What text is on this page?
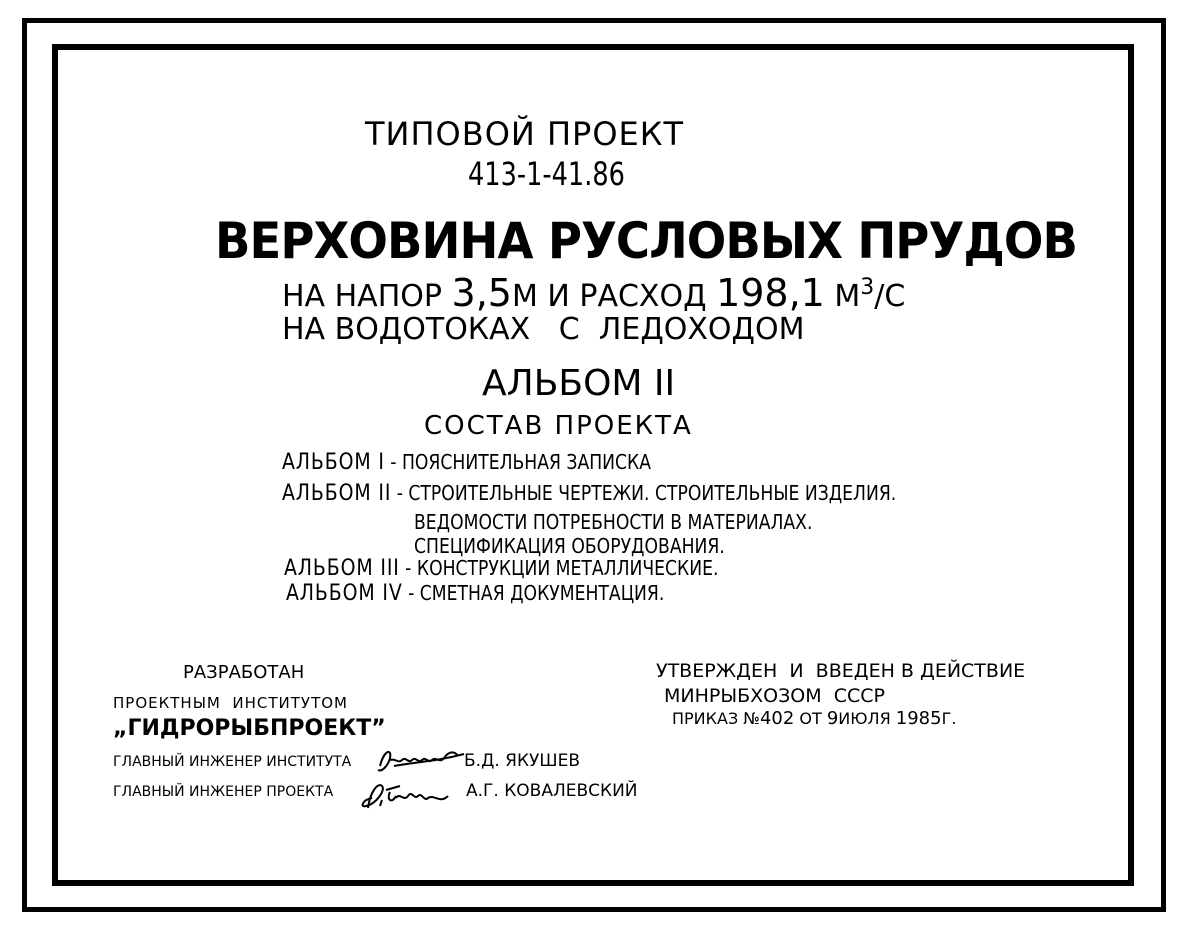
ТИПОВОЙ ПРОЕКТ
413-1-41.86
ВЕРХОВИНА РУСЛОВЫХ ПРУДОВ
НА НАПОР 3,5М И РАСХОД 198,1 $М^3/С$
НА ВОДОТОКАХ   С  ЛЕДОХОДОМ
АЛЬБОМ II
СОСТАВ ПРОЕКТА
АЛЬБОМ I - ПОЯСНИТЕЛЬНАЯ ЗАПИСКА
АЛЬБОМ II - СТРОИТЕЛЬНЫЕ ЧЕРТЕЖИ. СТРОИТЕЛЬНЫЕ ИЗДЕЛИЯ.
ВЕДОМОСТИ ПОТРЕБНОСТИ В МАТЕРИАЛАХ.
СПЕЦИФИКАЦИЯ ОБОРУДОВАНИЯ.
АЛЬБОМ III - КОНСТРУКЦИИ МЕТАЛЛИЧЕСКИЕ.
АЛЬБОМ IV - СМЕТНАЯ ДОКУМЕНТАЦИЯ.
РАЗРАБОТАН
ПРОЕКТНЫМ  ИНСТИТУТОМ
„ГИДРОРЫБПРОЕКТ”
ГЛАВНЫЙ ИНЖЕНЕР ИНСТИТУТА
ГЛАВНЫЙ ИНЖЕНЕР ПРОЕКТА
Б.Д. ЯКУШЕВ
А.Г. КОВАЛЕВСКИЙ
УТВЕРЖДЕН  И  ВВЕДЕН В ДЕЙСТВИЕ
МИНРЫБХОЗОМ  СССР
ПРИКАЗ №402 ОТ 9ИЮЛЯ 1985Г.
